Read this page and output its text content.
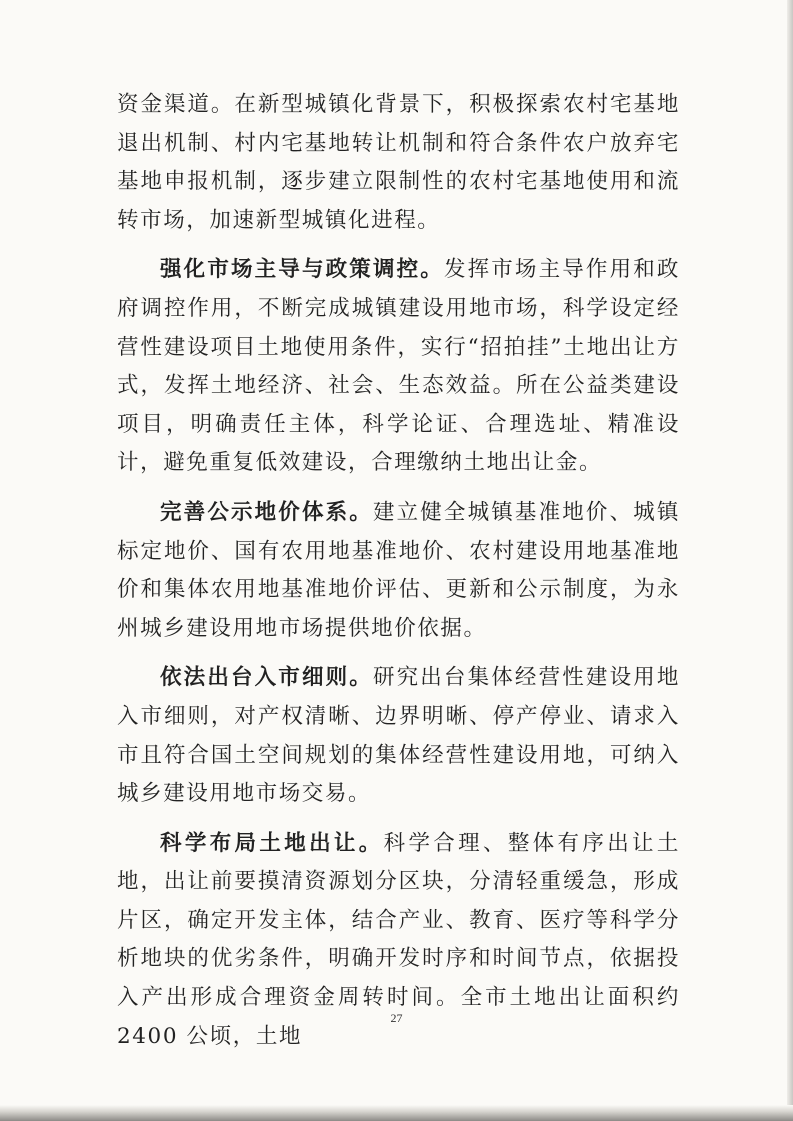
资金渠道。在新型城镇化背景下，积极探索农村宅基地退出机制、村内宅基地转让机制和符合条件农户放弃宅基地申报机制，逐步建立限制性的农村宅基地使用和流转市场，加速新型城镇化进程。

强化市场主导与政策调控。发挥市场主导作用和政府调控作用，不断完成城镇建设用地市场，科学设定经营性建设项目土地使用条件，实行“招拍挂”土地出让方式，发挥土地经济、社会、生态效益。所在公益类建设项目，明确责任主体，科学论证、合理选址、精准设计，避免重复低效建设，合理缴纳土地出让金。

完善公示地价体系。建立健全城镇基准地价、城镇标定地价、国有农用地基准地价、农村建设用地基准地价和集体农用地基准地价评估、更新和公示制度，为永州城乡建设用地市场提供地价依据。

依法出台入市细则。研究出台集体经营性建设用地入市细则，对产权清晰、边界明晰、停产停业、请求入市且符合国土空间规划的集体经营性建设用地，可纳入城乡建设用地市场交易。

科学布局土地出让。科学合理、整体有序出让土地，出让前要摸清资源划分区块，分清轻重缓急，形成片区，确定开发主体，结合产业、教育、医疗等科学分析地块的优劣条件，明确开发时序和时间节点，依据投入产出形成合理资金周转时间。全市土地出让面积约 2400 公顷，土地

27
